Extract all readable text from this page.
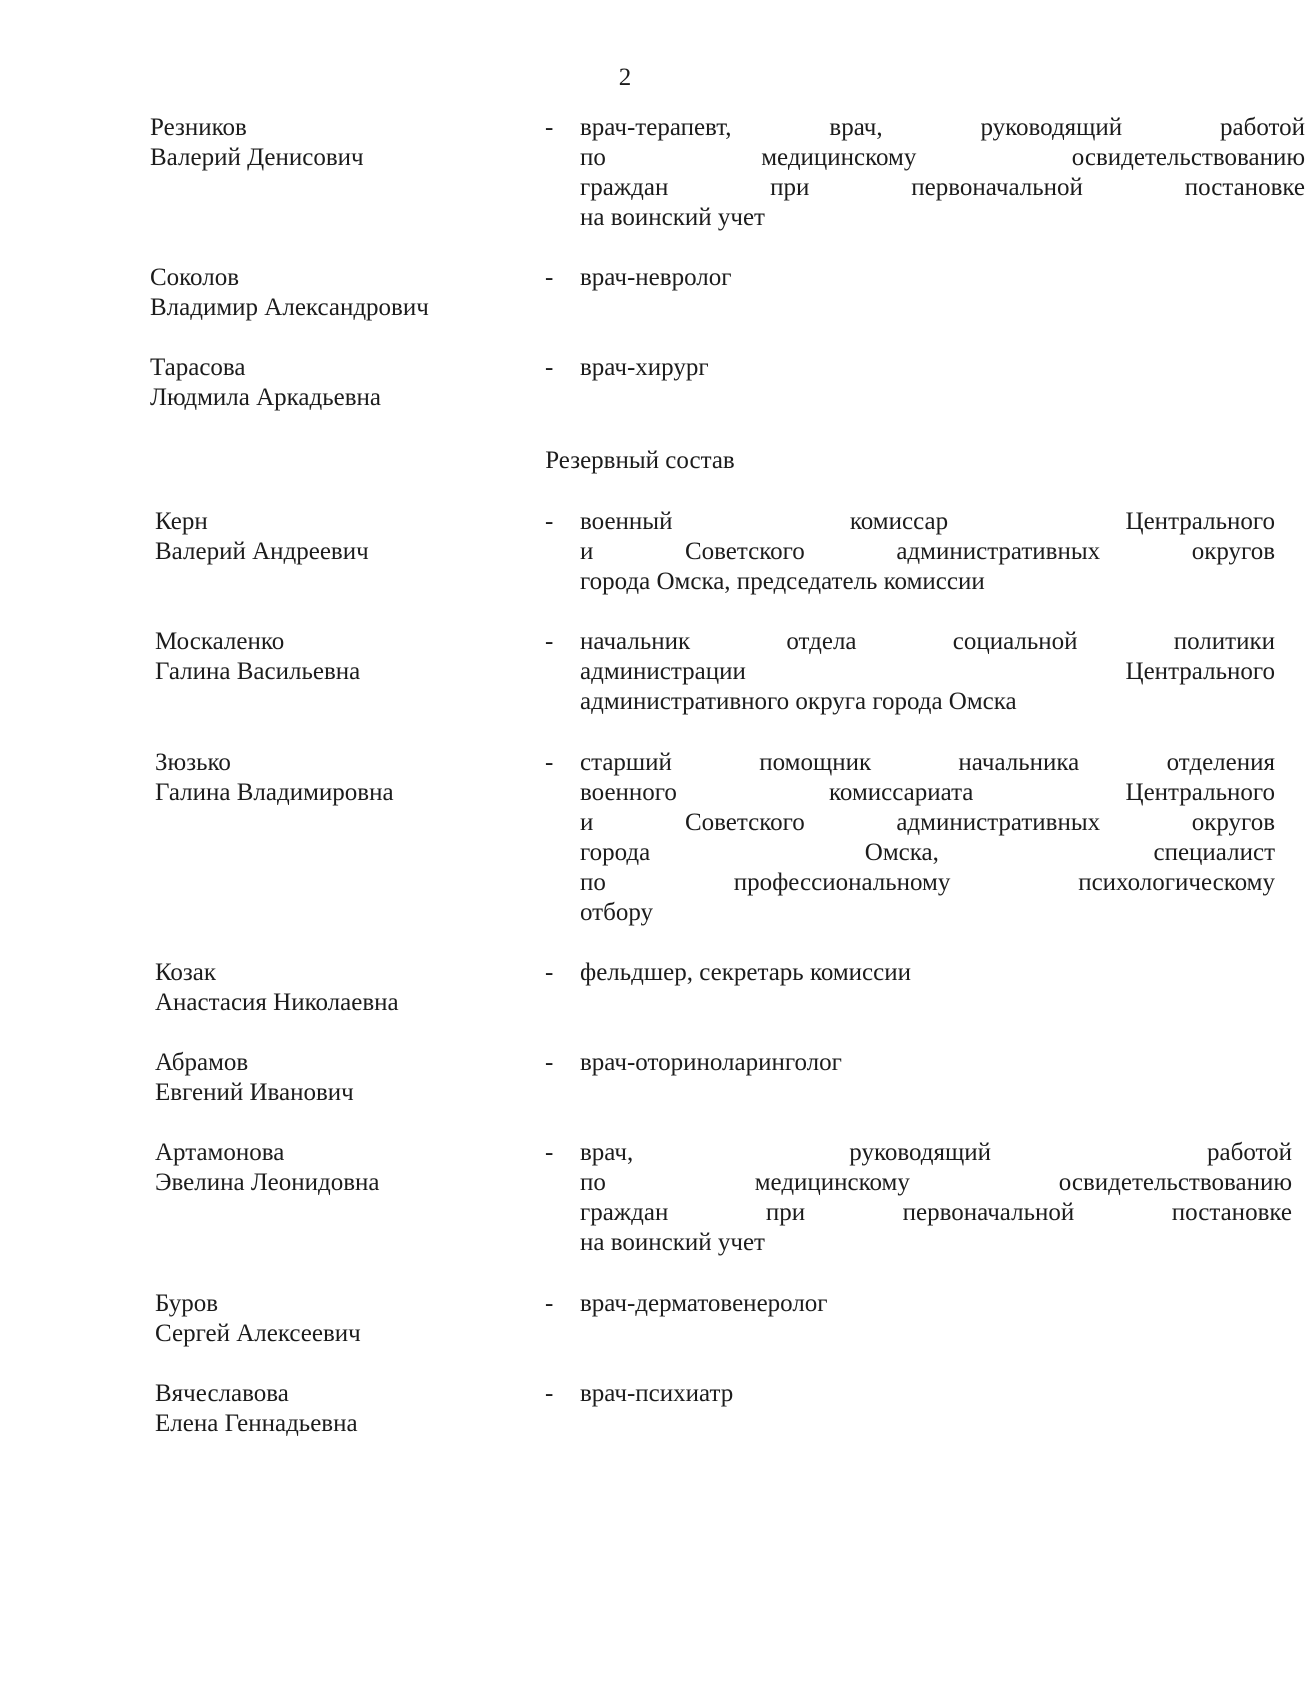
2
Резников
Валерий Денисович
- врач-терапевт, врач, руководящий работой
по медицинскому освидетельствованию
граждан при первоначальной постановке
на воинский учет
Соколов
Владимир Александрович
- врач-невролог
Тарасова
Людмила Аркадьевна
- врач-хирург
Резервный состав
Керн
Валерий Андреевич
- военный комиссар Центрального
и Советского административных округов
города Омска, председатель комиссии
Москаленко
Галина Васильевна
- начальник отдела социальной политики
администрации Центрального
административного округа города Омска
Зюзько
Галина Владимировна
- старший помощник начальника отделения
военного комиссариата Центрального
и Советского административных округов
города Омска, специалист
по профессиональному психологическому
отбору
Козак
Анастасия Николаевна
- фельдшер, секретарь комиссии
Абрамов
Евгений Иванович
- врач-оториноларинголог
Артамонова
Эвелина Леонидовна
- врач, руководящий работой
по медицинскому освидетельствованию
граждан при первоначальной постановке
на воинский учет
Буров
Сергей Алексеевич
- врач-дерматовенеролог
Вячеславова
Елена Геннадьевна
- врач-психиатр
